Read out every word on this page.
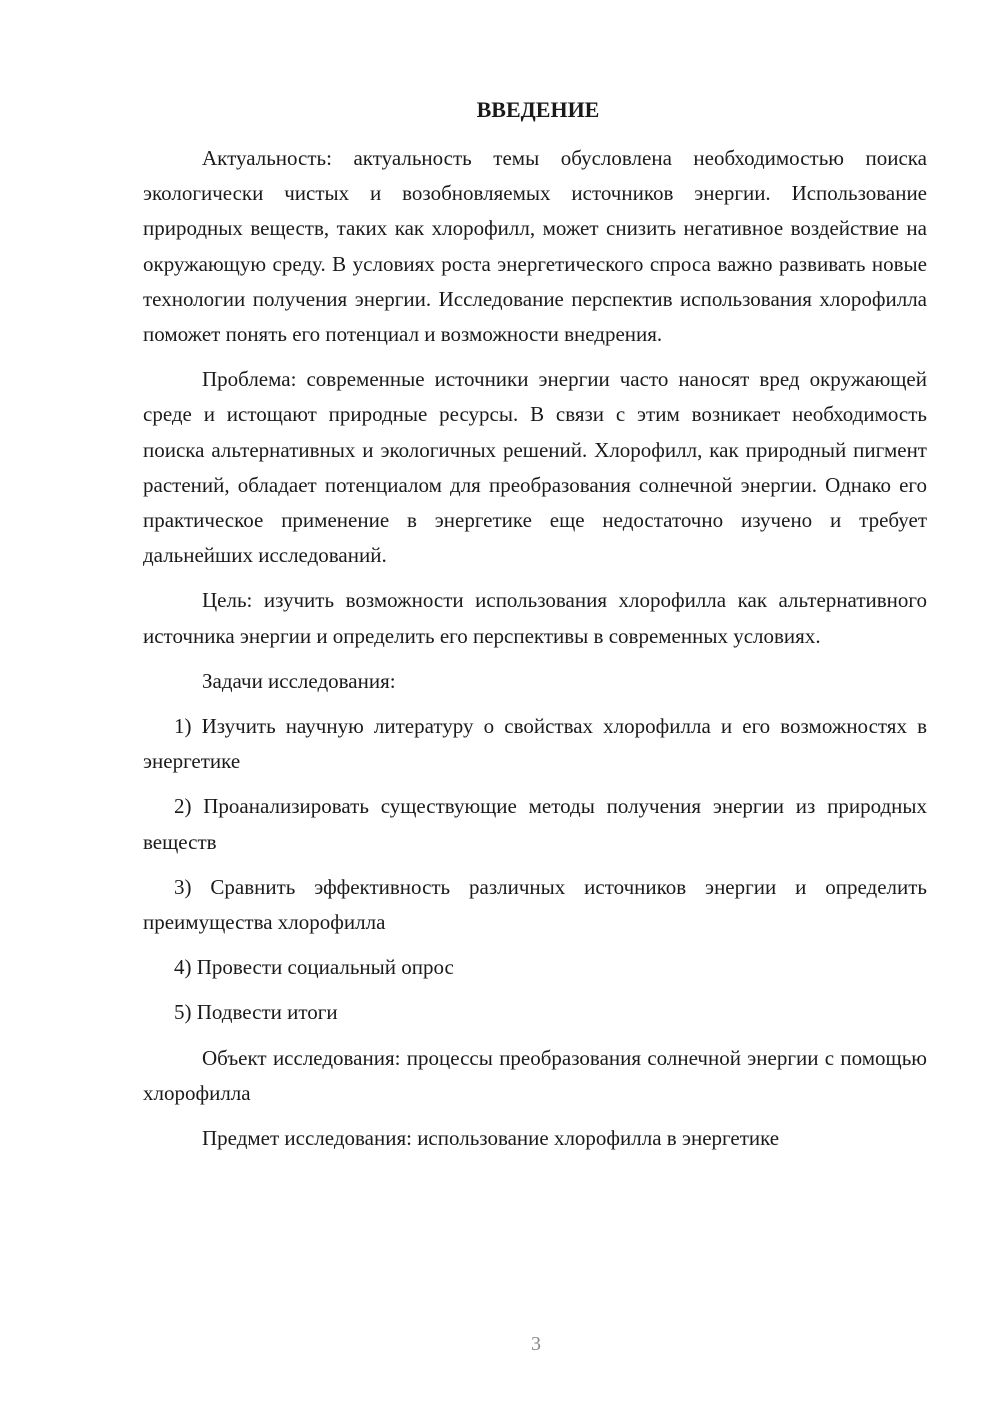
ВВЕДЕНИЕ

Актуальность: актуальность темы обусловлена необходимостью поиска экологически чистых и возобновляемых источников энергии. Использование природных веществ, таких как хлорофилл, может снизить негативное воздействие на окружающую среду. В условиях роста энергетического спроса важно развивать новые технологии получения энергии. Исследование перспектив использования хлорофилла поможет понять его потенциал и возможности внедрения.

Проблема: современные источники энергии часто наносят вред окружающей среде и истощают природные ресурсы. В связи с этим возникает необходимость поиска альтернативных и экологичных решений. Хлорофилл, как природный пигмент растений, обладает потенциалом для преобразования солнечной энергии. Однако его практическое применение в энергетике еще недостаточно изучено и требует дальнейших исследований.

Цель: изучить возможности использования хлорофилла как альтернативного источника энергии и определить его перспективы в современных условиях.

Задачи исследования:

1) Изучить научную литературу о свойствах хлорофилла и его возможностях в энергетике

2) Проанализировать существующие методы получения энергии из природных веществ

3) Сравнить эффективность различных источников энергии и определить преимущества хлорофилла

4) Провести социальный опрос

5) Подвести итоги

Объект исследования: процессы преобразования солнечной энергии с помощью хлорофилла

Предмет исследования: использование хлорофилла в энергетике

3
